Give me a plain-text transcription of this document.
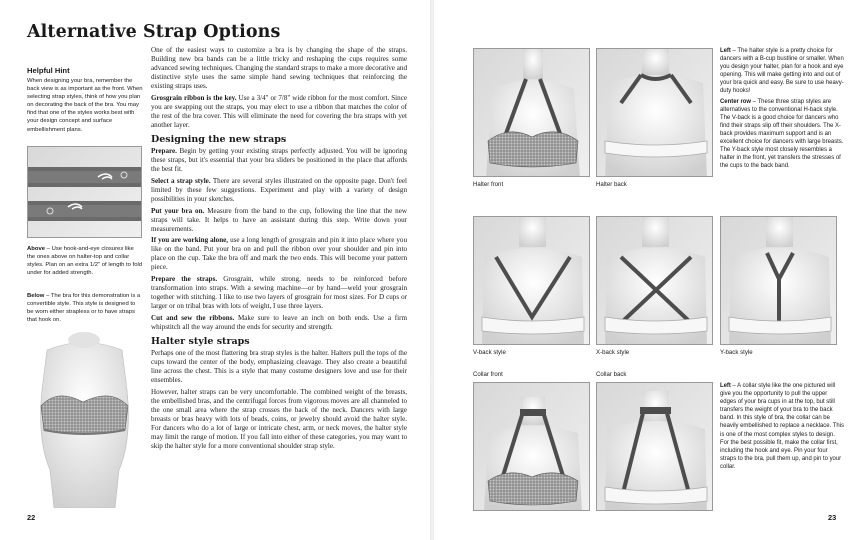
Alternative Strap Options
Helpful Hint
When designing your bra, remember the back view is as important as the front. When selecting strap styles, think of how you plan on decorating the back of the bra. You may find that one of the styles works best with your design concept and surface embellishment plans.
Above – Use hook-and-eye closures like the ones above on halter-top and collar styles. Plan on an extra 1/2" of length to fold under for added strength.
Below – The bra for this demonstration is a convertible style. This style is designed to be worn either strapless or to have straps that hook on.

One of the easiest ways to customize a bra is by changing the shape of the straps. Building new bra bands can be a little tricky and reshaping the cups requires some advanced sewing techniques. Changing the standard straps to make a more decorative and distinctive style uses the same simple hand sewing techniques that reinforcing the existing straps uses.

Grosgrain ribbon is the key. Use a 3/4" or 7/8" wide ribbon for the most comfort. Since you are swapping out the straps, you may elect to use a ribbon that matches the color of the rest of the bra cover. This will eliminate the need for covering the bra straps with yet another layer.

Designing the new straps

Prepare. Begin by getting your existing straps perfectly adjusted. You will be ignoring these straps, but it's essential that your bra sliders be positioned in the place that affords the best fit.

Select a strap style. There are several styles illustrated on the opposite page. Don't feel limited by these few suggestions. Experiment and play with a variety of design possibilities in your sketches.

Put your bra on. Measure from the band to the cup, following the line that the new straps will take. It helps to have an assistant during this step. Write down your measurements.

If you are working alone, use a long length of grosgrain and pin it into place where you like on the band. Put your bra on and pull the ribbon over your shoulder and pin into place on the cup. Take the bra off and mark the two ends. This will become your pattern piece.

Prepare the straps. Grosgrain, while strong, needs to be reinforced before transformation into straps. With a sewing machine—or by hand—weld your grosgrain together with stitching. I like to use two layers of grosgrain for most sizes. For D cups or larger or on tribal bras with lots of weight, I use three layers.

Cut and sew the ribbons. Make sure to leave an inch on both ends. Use a firm whipstitch all the way around the ends for security and strength.

Halter style straps

Perhaps one of the most flattering bra strap styles is the halter. Halters pull the tops of the cups toward the center of the body, emphasizing cleavage. They also create a beautiful line across the chest. This is a style that many costume designers love and use for their ensembles.

However, halter straps can be very uncomfortable. The combined weight of the breasts, the embellished bras, and the centrifugal forces from vigorous moves are all channeled to the one small area where the strap crosses the back of the neck. Dancers with large breasts or bras heavy with lots of beads, coins, or jewelry should avoid the halter style. For dancers who do a lot of large or intricate chest, arm, or neck moves, the halter style may limit the range of motion. If you fall into either of these categories, you may want to skip the halter style for a more conventional shoulder strap style.

22
Halter front	Halter back
V-back style	X-back style	Y-back style
Collar front	Collar back

Left – The halter style is a pretty choice for dancers with a B-cup bustline or smaller. When you design your halter, plan for a hook and eye opening. This will make getting into and out of your bra quick and easy. Be sure to use heavy-duty hooks!

Center row – These three strap styles are alternatives to the conventional H-back style. The V-back is a good choice for dancers who find their straps slip off their shoulders. The X-back provides maximum support and is an excellent choice for dancers with large breasts. The Y-back style most closely resembles a halter in the front, yet transfers the stresses of the cups to the back band.

Left – A collar style like the one pictured will give you the opportunity to pull the upper edges of your bra cups in at the top, but still transfers the weight of your bra to the back band. In this style of bra, the collar can be heavily embellished to replace a necklace. This is one of the most complex styles to design. For the best possible fit, make the collar first, including the hook and eye. Pin your four straps to the bra, pull them up, and pin to your collar.

23
